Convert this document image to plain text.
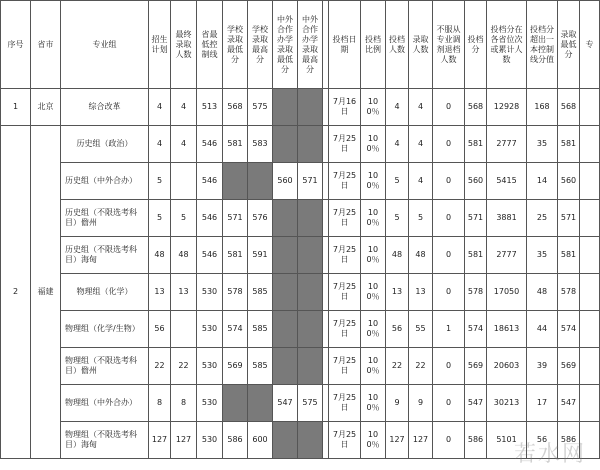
序号	省市	专业组	招生计划	最终录取人数	省最低控制线	学校录取最低分	学校录取最高分	中外合作办学录取最低分	中外合作办学录取最高分		投档日期	投档比例	投档人数	录取人数	不服从专业调剂退档人数	投档分	投档分在各省位次或累计人数	投档分超出一本控制线分值	录取最低分	专
1	北京	综合改革	4	4	513	568	575				7月16日	100％	4	4	0	568	12928	168	568	
2	福建	历史组（政治）	4	4	546	581	583				7月25日	100％	4	4	0	581	2777	35	581	
		历史组（中外合办）	5		546			560	571		7月25日	100％	5	4	0	560	5415	14	560	
		历史组（不限选考科目）儋州	5	5	546	571	576				7月25日	100％	5	5	0	571	3881	25	571	
		历史组（不限选考科目）海甸	48	48	546	581	591				7月25日	100％	48	48	0	581	2777	35	581	
		物理组（化学）	13	13	530	578	585				7月25日	100％	13	13	0	578	17050	48	578	
		物理组（化学/生物）	56		530	574	585				7月25日	100％	56	55	1	574	18613	44	574	
		物理组（不限选考科目）儋州	22	22	530	569	585				7月25日	100％	22	22	0	569	20603	39	569	
		物理组（中外合办）	8	8	530			547	575		7月25日	100％	9	9	0	547	30213	17	547	
		物理组（不限选考科目）海甸	127	127	530	586	600				7月25日	100％	127	127	0	586	5101	56	586	
若水网
